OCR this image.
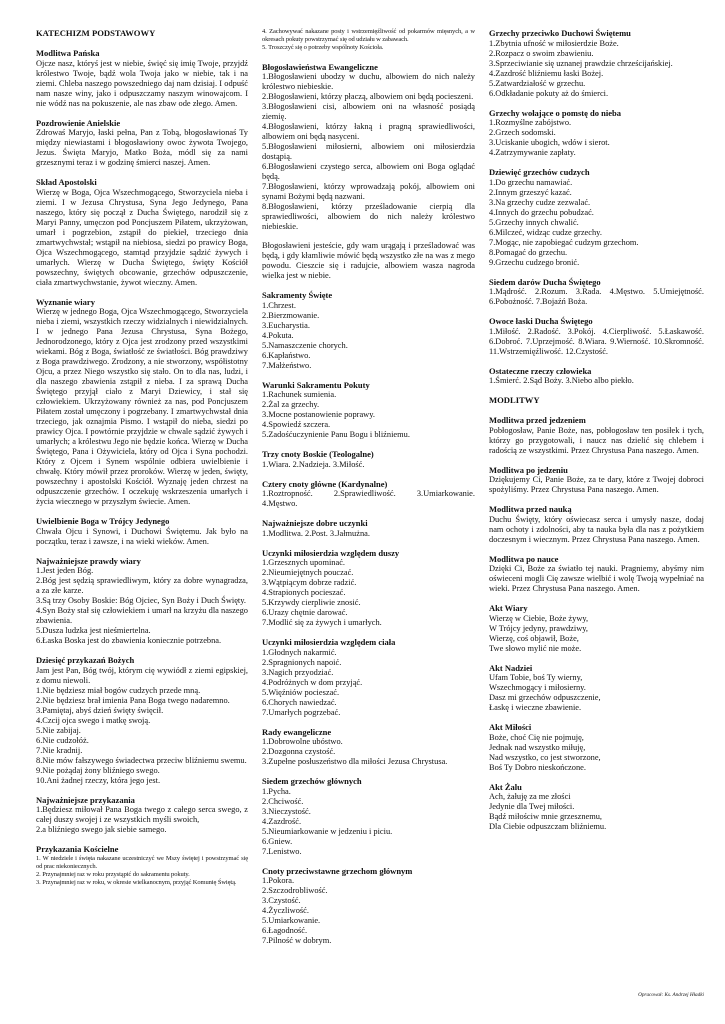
KATECHIZM PODSTAWOWY
Modlitwa Pańska
Ojcze nasz, któryś jest w niebie, święć się imię Twoje, przyjdź królestwo Twoje, bądź wola Twoja jako w niebie, tak i na ziemi. Chleba naszego powszedniego daj nam dzisiaj. I odpuść nam nasze winy, jako i odpuszczamy naszym winowajcom. I nie wódź nas na pokuszenie, ale nas zbaw ode złego. Amen.
Pozdrowienie Anielskie
Zdrowaś Maryjo, łaski pełna, Pan z Tobą, błogosławionaś Ty między niewiastami i błogosławiony owoc żywota Twojego, Jezus. Święta Maryjo, Matko Boża, módl się za nami grzesznymi teraz i w godzinę śmierci naszej. Amen.
Skład Apostolski
Wierzę w Boga, Ojca Wszechmogącego, Stworzyciela nieba i ziemi. I w Jezusa Chrystusa, Syna Jego Jedynego, Pana naszego, który się począł z Ducha Świętego, narodził się z Maryi Panny, umęczon pod Poncjuszem Piłatem, ukrzyżowan, umarł i pogrzebion, zstąpił do piekieł, trzeciego dnia zmartwychwstał; wstąpił na niebiosa, siedzi po prawicy Boga, Ojca Wszechmogącego, stamtąd przyjdzie sądzić żywych i umarłych. Wierzę w Ducha Świętego, święty Kościół powszechny, świętych obcowanie, grzechów odpuszczenie, ciała zmartwychwstanie, żywot wieczny. Amen.
Wyznanie wiary
Wierzę w jednego Boga, Ojca Wszechmogącego, Stworzyciela nieba i ziemi, wszystkich rzeczy widzialnych i niewidzialnych. I w jednego Pana Jezusa Chrystusa, Syna Bożego, Jednorodzonego, który z Ojca jest zrodzony przed wszystkimi wiekami. Bóg z Boga, światłość ze światłości. Bóg prawdziwy z Boga prawdziwego. Zrodzony, a nie stworzony, współistotny Ojcu, a przez Niego wszystko się stało. On to dla nas, ludzi, i dla naszego zbawienia zstąpił z nieba. I za sprawą Ducha Świętego przyjął ciało z Maryi Dziewicy, i stał się człowiekiem. Ukrzyżowany również za nas, pod Poncjuszem Piłatem został umęczony i pogrzebany. I zmartwychwstał dnia trzeciego, jak oznajmia Pismo. I wstąpił do nieba, siedzi po prawicy Ojca. I powtórnie przyjdzie w chwale sądzić żywych i umarłych; a królestwu Jego nie będzie końca. Wierzę w Ducha Świętego, Pana i Ożywiciela, który od Ojca i Syna pochodzi. Który z Ojcem i Synem wspólnie odbiera uwielbienie i chwałę. Który mówił przez proroków. Wierzę w jeden, święty, powszechny i apostolski Kościół. Wyznaję jeden chrzest na odpuszczenie grzechów. I oczekuję wskrzeszenia umarłych i życia wiecznego w przyszłym świecie. Amen.
Uwielbienie Boga w Trójcy Jedynego
Chwała Ojcu i Synowi, i Duchowi Świętemu. Jak było na początku, teraz i zawsze, i na wieki wieków. Amen.
Najważniejsze prawdy wiary
1.Jest jeden Bóg.
2.Bóg jest sędzią sprawiedliwym, który za dobre wynagradza, a za złe karze.
3.Są trzy Osoby Boskie: Bóg Ojciec, Syn Boży i Duch Święty.
4.Syn Boży stał się człowiekiem i umarł na krzyżu dla naszego zbawienia.
5.Dusza ludzka jest nieśmiertelna.
6.Łaska Boska jest do zbawienia koniecznie potrzebna.
Dziesięć przykazań Bożych
Jam jest Pan, Bóg twój, którym cię wywiódł z ziemi egipskiej, z domu niewoli.
1.Nie będziesz miał bogów cudzych przede mną.
2.Nie będziesz brał imienia Pana Boga twego nadaremno.
3.Pamiętaj, abyś dzień święty święcił.
4.Czcij ojca swego i matkę swoją.
5.Nie zabijaj.
6.Nie cudzołóż.
7.Nie kradnij.
8.Nie mów fałszywego świadectwa przeciw bliźniemu swemu.
9.Nie pożądaj żony bliźniego swego.
10.Ani żadnej rzeczy, która jego jest.
Najważniejsze przykazania
1.Będziesz miłował Pana Boga twego z całego serca swego, z całej duszy swojej i ze wszystkich myśli swoich,
2.a bliźniego swego jak siebie samego.
Przykazania Kościelne
1. W niedziele i święta nakazane uczestniczyć we Mszy świętej i powstrzymać się od prac niekoniecznych.
2. Przynajmniej raz w roku przystąpić do sakramentu pokuty.
3. Przynajmniej raz w roku, w okresie wielkanocnym, przyjąć Komunię Świętą.
4. Zachowywać nakazane posty i wstrzemięźliwość od pokarmów mięsnych, a w okresach pokuty powstrzymać się od udziału w zabawach.
5. Troszczyć się o potrzeby wspólnoty Kościoła.
Błogosławieństwa Ewangeliczne
1.Błogosławieni ubodzy w duchu, albowiem do nich należy królestwo niebieskie.
2.Błogosławieni, którzy płaczą, albowiem oni będą pocieszeni.
3.Błogosławieni cisi, albowiem oni na własność posiądą ziemię.
4.Błogosławieni, którzy łakną i pragną sprawiedliwości, albowiem oni będą nasyceni.
5.Błogosławieni miłosierni, albowiem oni miłosierdzia dostąpią.
6.Błogosławieni czystego serca, albowiem oni Boga oglądać będą.
7.Błogosławieni, którzy wprowadzają pokój, albowiem oni synami Bożymi będą nazwani.
8.Błogosławieni, którzy prześladowanie cierpią dla sprawiedliwości, albowiem do nich należy królestwo niebieskie.
Błogosławieni jesteście, gdy wam urągają i prześladować was będą, i gdy kłamliwie mówić będą wszystko złe na was z mego powodu. Cieszcie się i radujcie, albowiem wasza nagroda wielka jest w niebie.
Sakramenty Święte
1.Chrzest.
2.Bierzmowanie.
3.Eucharystia.
4.Pokuta.
5.Namaszczenie chorych.
6.Kapłaństwo.
7.Małżeństwo.
Warunki Sakramentu Pokuty
1.Rachunek sumienia.
2.Żal za grzechy.
3.Mocne postanowienie poprawy.
4.Spowiedź szczera.
5.Zadośćuczynienie Panu Bogu i bliźniemu.
Trzy cnoty Boskie (Teologalne)
1.Wiara. 2.Nadzieja. 3.Miłość.
Cztery cnoty główne (Kardynalne)
1.Roztropność.	2.Sprawiedliwość.	3.Umiarkowanie.
4.Męstwo.
Najważniejsze dobre uczynki
1.Modlitwa. 2.Post. 3.Jałmużna.
Uczynki miłosierdzia względem duszy
1.Grzesznych upominać.
2.Nieumiejętnych pouczać.
3.Wątpiącym dobrze radzić.
4.Strapionych pocieszać.
5.Krzywdy cierpliwie znosić.
6.Urazy chętnie darować.
7.Modlić się za żywych i umarłych.
Uczynki miłosierdzia względem ciała
1.Głodnych nakarmić.
2.Spragnionych napoić.
3.Nagich przyodziać.
4.Podróżnych w dom przyjąć.
5.Więźniów pocieszać.
6.Chorych nawiedzać.
7.Umarłych pogrzebać.
Rady ewangeliczne
1.Dobrowolne ubóstwo.
2.Dozgonna czystość.
3.Zupełne posłuszeństwo dla miłości Jezusa Chrystusa.
Siedem grzechów głównych
1.Pycha.
2.Chciwość.
3.Nieczystość.
4.Zazdrość.
5.Nieumiarkowanie w jedzeniu i piciu.
6.Gniew.
7.Lenistwo.
Cnoty przeciwstawne grzechom głównym
1.Pokora.
2.Szczodrobliwość.
3.Czystość.
4.Życzliwość.
5.Umiarkowanie.
6.Łagodność.
7.Pilność w dobrym.
Grzechy przeciwko Duchowi Świętemu
1.Zbytnia ufność w miłosierdzie Boże.
2.Rozpacz o swoim zbawieniu.
3.Sprzeciwianie się uznanej prawdzie chrześcijańskiej.
4.Zazdrość bliźniemu łaski Bożej.
5.Zatwardziałość w grzechu.
6.Odkładanie pokuty aż do śmierci.
Grzechy wołające o pomstę do nieba
1.Rozmyślne zabójstwo.
2.Grzech sodomski.
3.Uciskanie ubogich, wdów i sierot.
4.Zatrzymywanie zapłaty.
Dziewięć grzechów cudzych
1.Do grzechu namawiać.
2.Innym grzeszyć kazać.
3.Na grzechy cudze zezwalać.
4.Innych do grzechu pobudzać.
5.Grzechy innych chwalić.
6.Milczeć, widząc cudze grzechy.
7.Mogąc, nie zapobiegać cudzym grzechom.
8.Pomagać do grzechu.
9.Grzechu cudzego bronić.
Siedem darów Ducha Świętego
1.Mądrość. 2.Rozum. 3.Rada. 4.Męstwo. 5.Umiejętność. 6.Pobożność. 7.Bojaźń Boża.
Owoce łaski Ducha Świętego
1.Miłość. 2.Radość. 3.Pokój. 4.Cierpliwość. 5.Łaskawość. 6.Dobroć. 7.Uprzejmość. 8.Wiara. 9.Wierność. 10.Skromność. 11.Wstrzemięźliwość. 12.Czystość.
Ostateczne rzeczy człowieka
1.Śmierć. 2.Sąd Boży. 3.Niebo albo piekło.
MODLITWY
Modlitwa przed jedzeniem
Pobłogosław, Panie Boże, nas, pobłogosław ten posiłek i tych, którzy go przygotowali, i naucz nas dzielić się chlebem i radością ze wszystkimi. Przez Chrystusa Pana naszego. Amen.
Modlitwa po jedzeniu
Dziękujemy Ci, Panie Boże, za te dary, które z Twojej dobroci spożyliśmy. Przez Chrystusa Pana naszego. Amen.
Modlitwa przed nauką
Duchu Święty, który oświecasz serca i umysły nasze, dodaj nam ochoty i zdolności, aby ta nauka była dla nas z pożytkiem doczesnym i wiecznym. Przez Chrystusa Pana naszego. Amen.
Modlitwa po nauce
Dzięki Ci, Boże za światło tej nauki. Pragniemy, abyśmy nim oświeceni mogli Cię zawsze wielbić i wolę Twoją wypełniać na wieki. Przez Chrystusa Pana naszego. Amen.
Akt Wiary
Wierzę w Ciebie, Boże żywy,
W Trójcy jedyny, prawdziwy,
Wierzę, coś objawił, Boże,
Twe słowo mylić nie może.
Akt Nadziei
Ufam Tobie, boś Ty wierny,
Wszechmogący i miłosierny.
Dasz mi grzechów odpuszczenie,
Łaskę i wieczne zbawienie.
Akt Miłości
Boże, choć Cię nie pojmuję,
Jednak nad wszystko miłuję,
Nad wszystko, co jest stworzone,
Boś Ty Dobro nieskończone.
Akt Żalu
Ach, żałuję za me złości
Jedynie dla Twej miłości.
Bądź miłościw mnie grzesznemu,
Dla Ciebie odpuszczam bliźniemu.
Opracował: Ks. Andrzej Hładki
